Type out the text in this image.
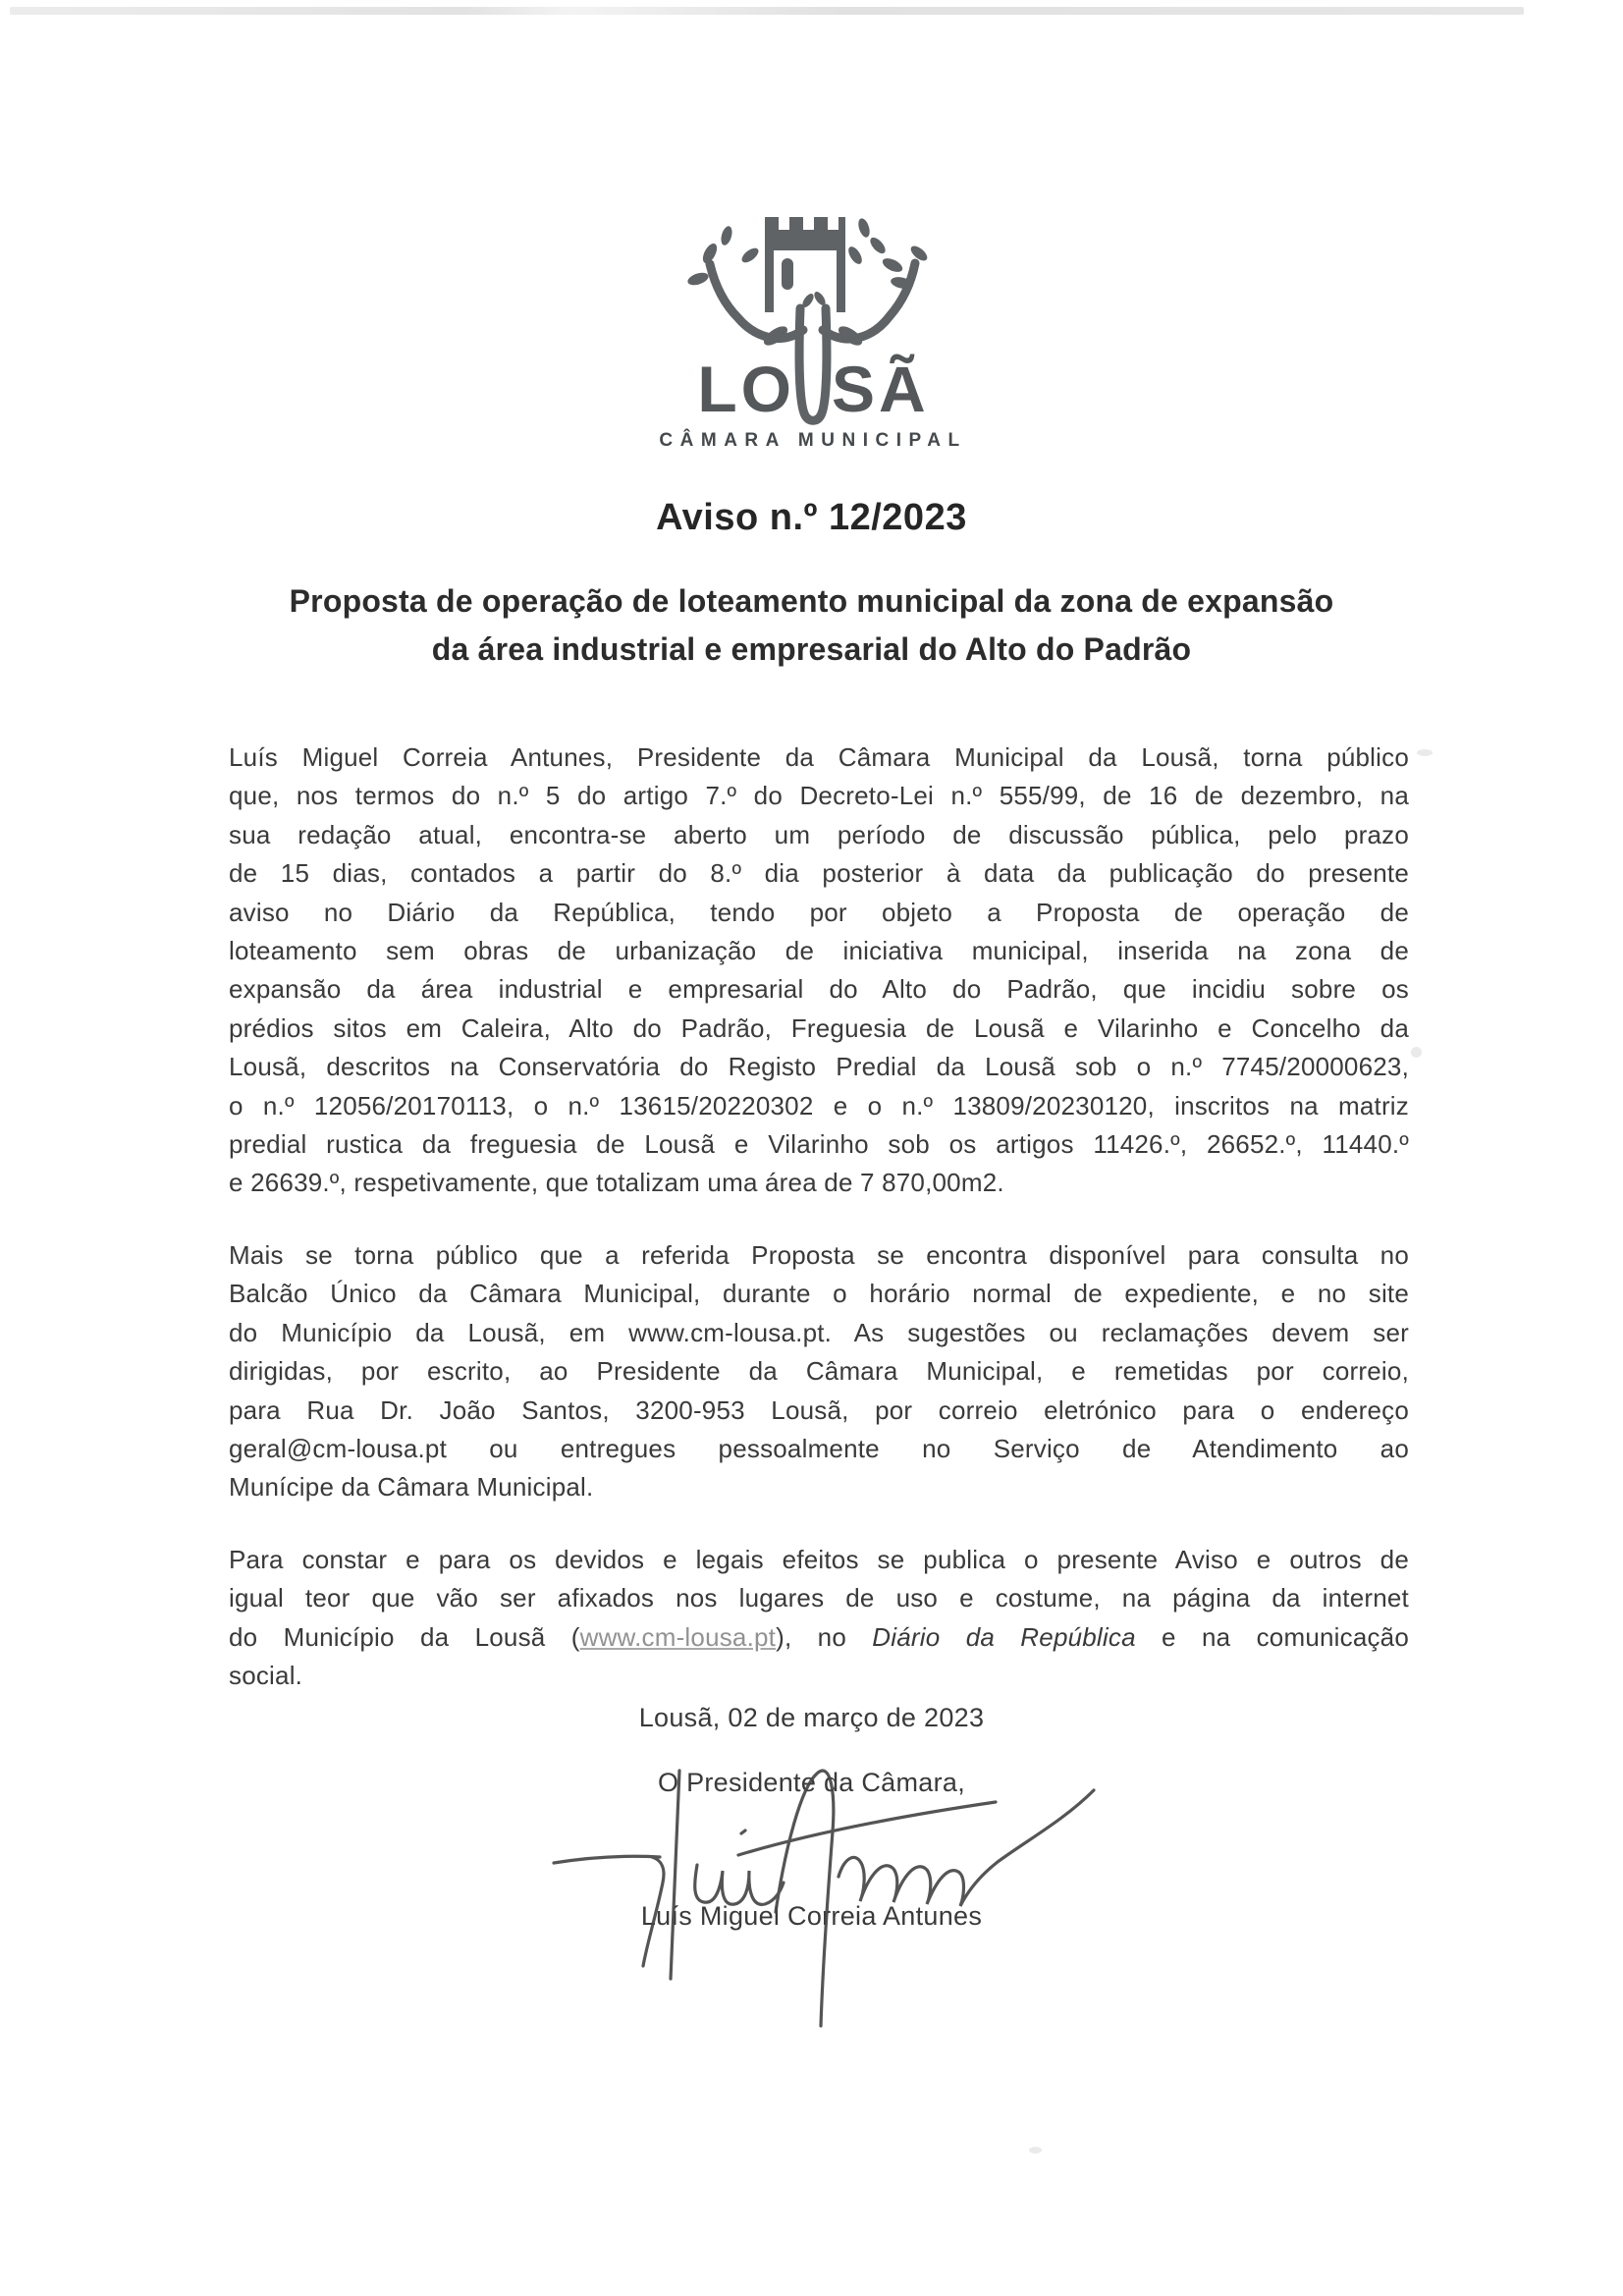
LO SÃ
CÂMARA MUNICIPAL
Aviso n.º 12/2023
Proposta de operação de loteamento municipal da zona de expansão
da área industrial e empresarial do Alto do Padrão
Luís Miguel Correia Antunes, Presidente da Câmara Municipal da Lousã, torna público
que, nos termos do n.º 5 do artigo 7.º do Decreto-Lei n.º 555/99, de 16 de dezembro, na
sua redação atual, encontra-se aberto um período de discussão pública, pelo prazo
de 15 dias, contados a partir do 8.º dia posterior à data da publicação do presente
aviso no Diário da República, tendo por objeto a Proposta de operação de
loteamento sem obras de urbanização de iniciativa municipal, inserida na zona de
expansão da área industrial e empresarial do Alto do Padrão, que incidiu sobre os
prédios sitos em Caleira, Alto do Padrão, Freguesia de Lousã e Vilarinho e Concelho da
Lousã, descritos na Conservatória do Registo Predial da Lousã sob o n.º 7745/20000623,
o n.º 12056/20170113, o n.º 13615/20220302 e o n.º 13809/20230120, inscritos na matriz
predial rustica da freguesia de Lousã e Vilarinho sob os artigos 11426.º, 26652.º, 11440.º
e 26639.º, respetivamente, que totalizam uma área de 7 870,00m2.
Mais se torna público que a referida Proposta se encontra disponível para consulta no
Balcão Único da Câmara Municipal, durante o horário normal de expediente, e no site
do Município da Lousã, em www.cm-lousa.pt. As sugestões ou reclamações devem ser
dirigidas, por escrito, ao Presidente da Câmara Municipal, e remetidas por correio,
para Rua Dr. João Santos, 3200-953 Lousã, por correio eletrónico para o endereço
geral@cm-lousa.pt ou entregues pessoalmente no Serviço de Atendimento ao
Munícipe da Câmara Municipal.
Para constar e para os devidos e legais efeitos se publica o presente Aviso e outros de
igual teor que vão ser afixados nos lugares de uso e costume, na página da internet
do Município da Lousã (www.cm-lousa.pt), no Diário da República e na comunicação
social.
Lousã, 02 de março de 2023
O Presidente da Câmara,
Luís Miguel Correia Antunes
